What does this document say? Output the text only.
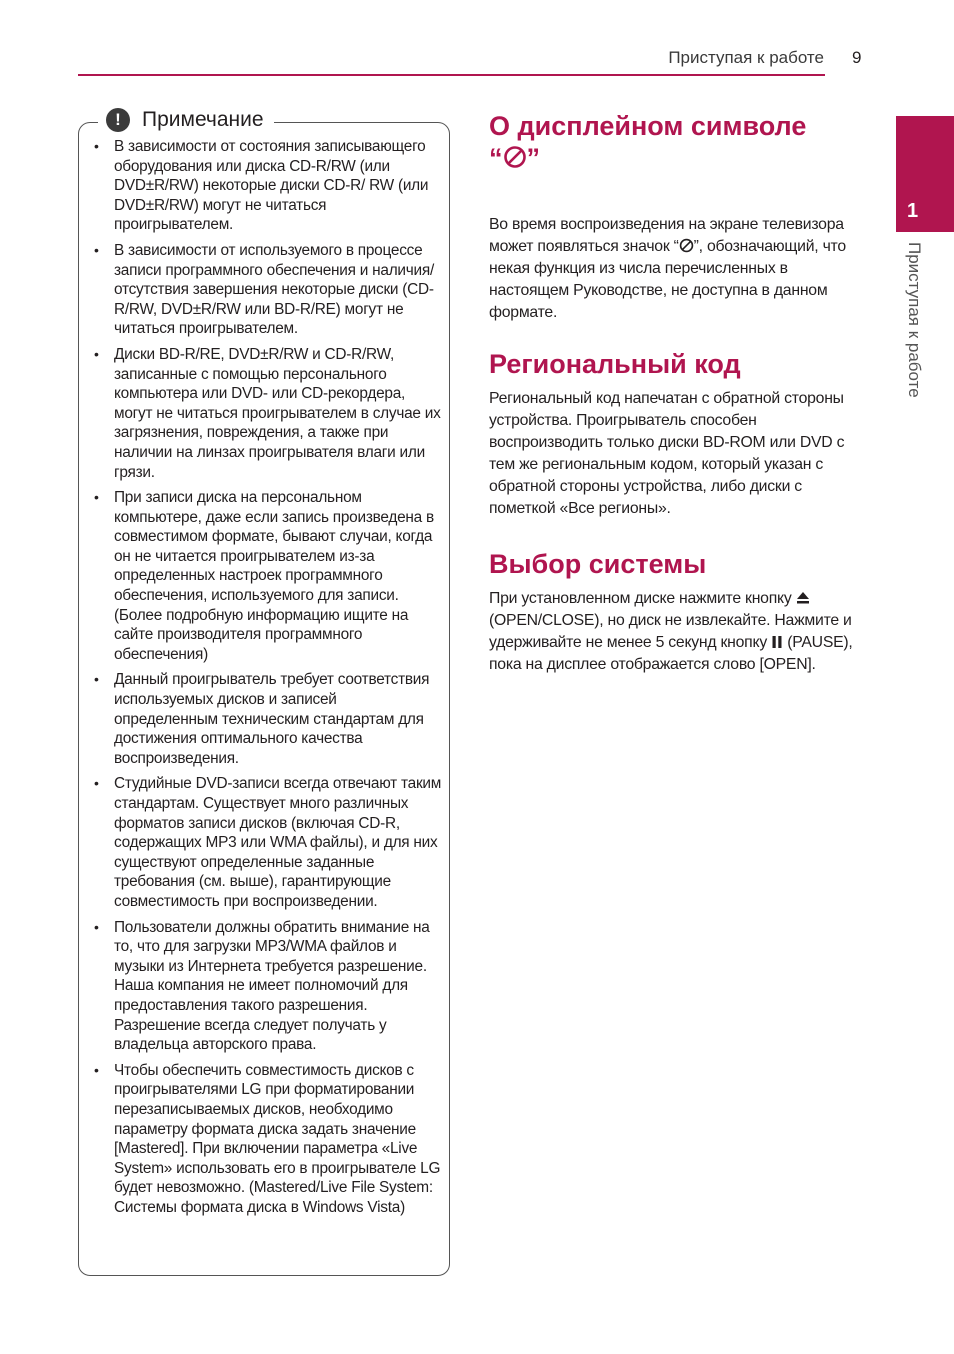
Приступая к работе 9
1
Приступая к работе
!	Примечание
• В зависимости от состояния записывающего оборудования или диска CD-R/RW (или DVD±R/RW) некоторые диски CD-R/ RW (или DVD±R/RW) могут не читаться проигрывателем.
• В зависимости от используемого в процессе записи программного обеспечения и наличия/отсутствия завершения некоторые диски (CD-R/RW, DVD±R/RW или BD-R/RE) могут не читаться проигрывателем.
• Диски BD-R/RE, DVD±R/RW и CD-R/RW, записанные с помощью персонального компьютера или DVD- или CD-рекордера, могут не читаться проигрывателем в случае их загрязнения, повреждения, а также при наличии на линзах проигрывателя влаги или грязи.
• При записи диска на персональном компьютере, даже если запись произведена в совместимом формате, бывают случаи, когда он не читается проигрывателем из-за определенных настроек программного обеспечения, используемого для записи. (Более подробную информацию ищите на сайте производителя программного обеспечения)
• Данный проигрыватель требует соответствия используемых дисков и записей определенным техническим стандартам для достижения оптимального качества воспроизведения.
• Студийные DVD-записи всегда отвечают таким стандартам. Существует много различных форматов записи дисков (включая CD-R, содержащих MP3 или WMA файлы), и для них существуют определенные заданные требования (см. выше), гарантирующие совместимость при воспроизведении.
• Пользователи должны обратить внимание на то, что для загрузки MP3/WMA файлов и музыки из Интернета требуется разрешение. Наша компания не имеет полномочий для предоставления такого разрешения. Разрешение всегда следует получать у владельца авторского права.
• Чтобы обеспечить совместимость дисков с проигрывателями LG при форматировании перезаписываемых дисков, необходимо параметру формата диска задать значение [Mastered]. При включении параметра «Live System» использовать его в проигрывателе LG будет невозможно. (Mastered/Live File System: Системы формата диска в Windows Vista)
О дисплейном символе
“ ”

Во время воспроизведения на экране телевизора может появляться значок “ ”, обозначающий, что некая функция из числа перечисленных в настоящем Руководстве, не доступна в данном формате.

Региональный код

Региональный код напечатан с обратной стороны устройства. Проигрыватель способен воспроизводить только диски BD-ROM или DVD с тем же региональным кодом, который указан с обратной стороны устройства, либо диски с пометкой «Все регионы».

Выбор системы

При установленном диске нажмите кнопку  (OPEN/CLOSE), но диск не извлекайте. Нажмите и удерживайте не менее 5 секунд кнопку  (PAUSE), пока на дисплее отображается слово [OPEN].
